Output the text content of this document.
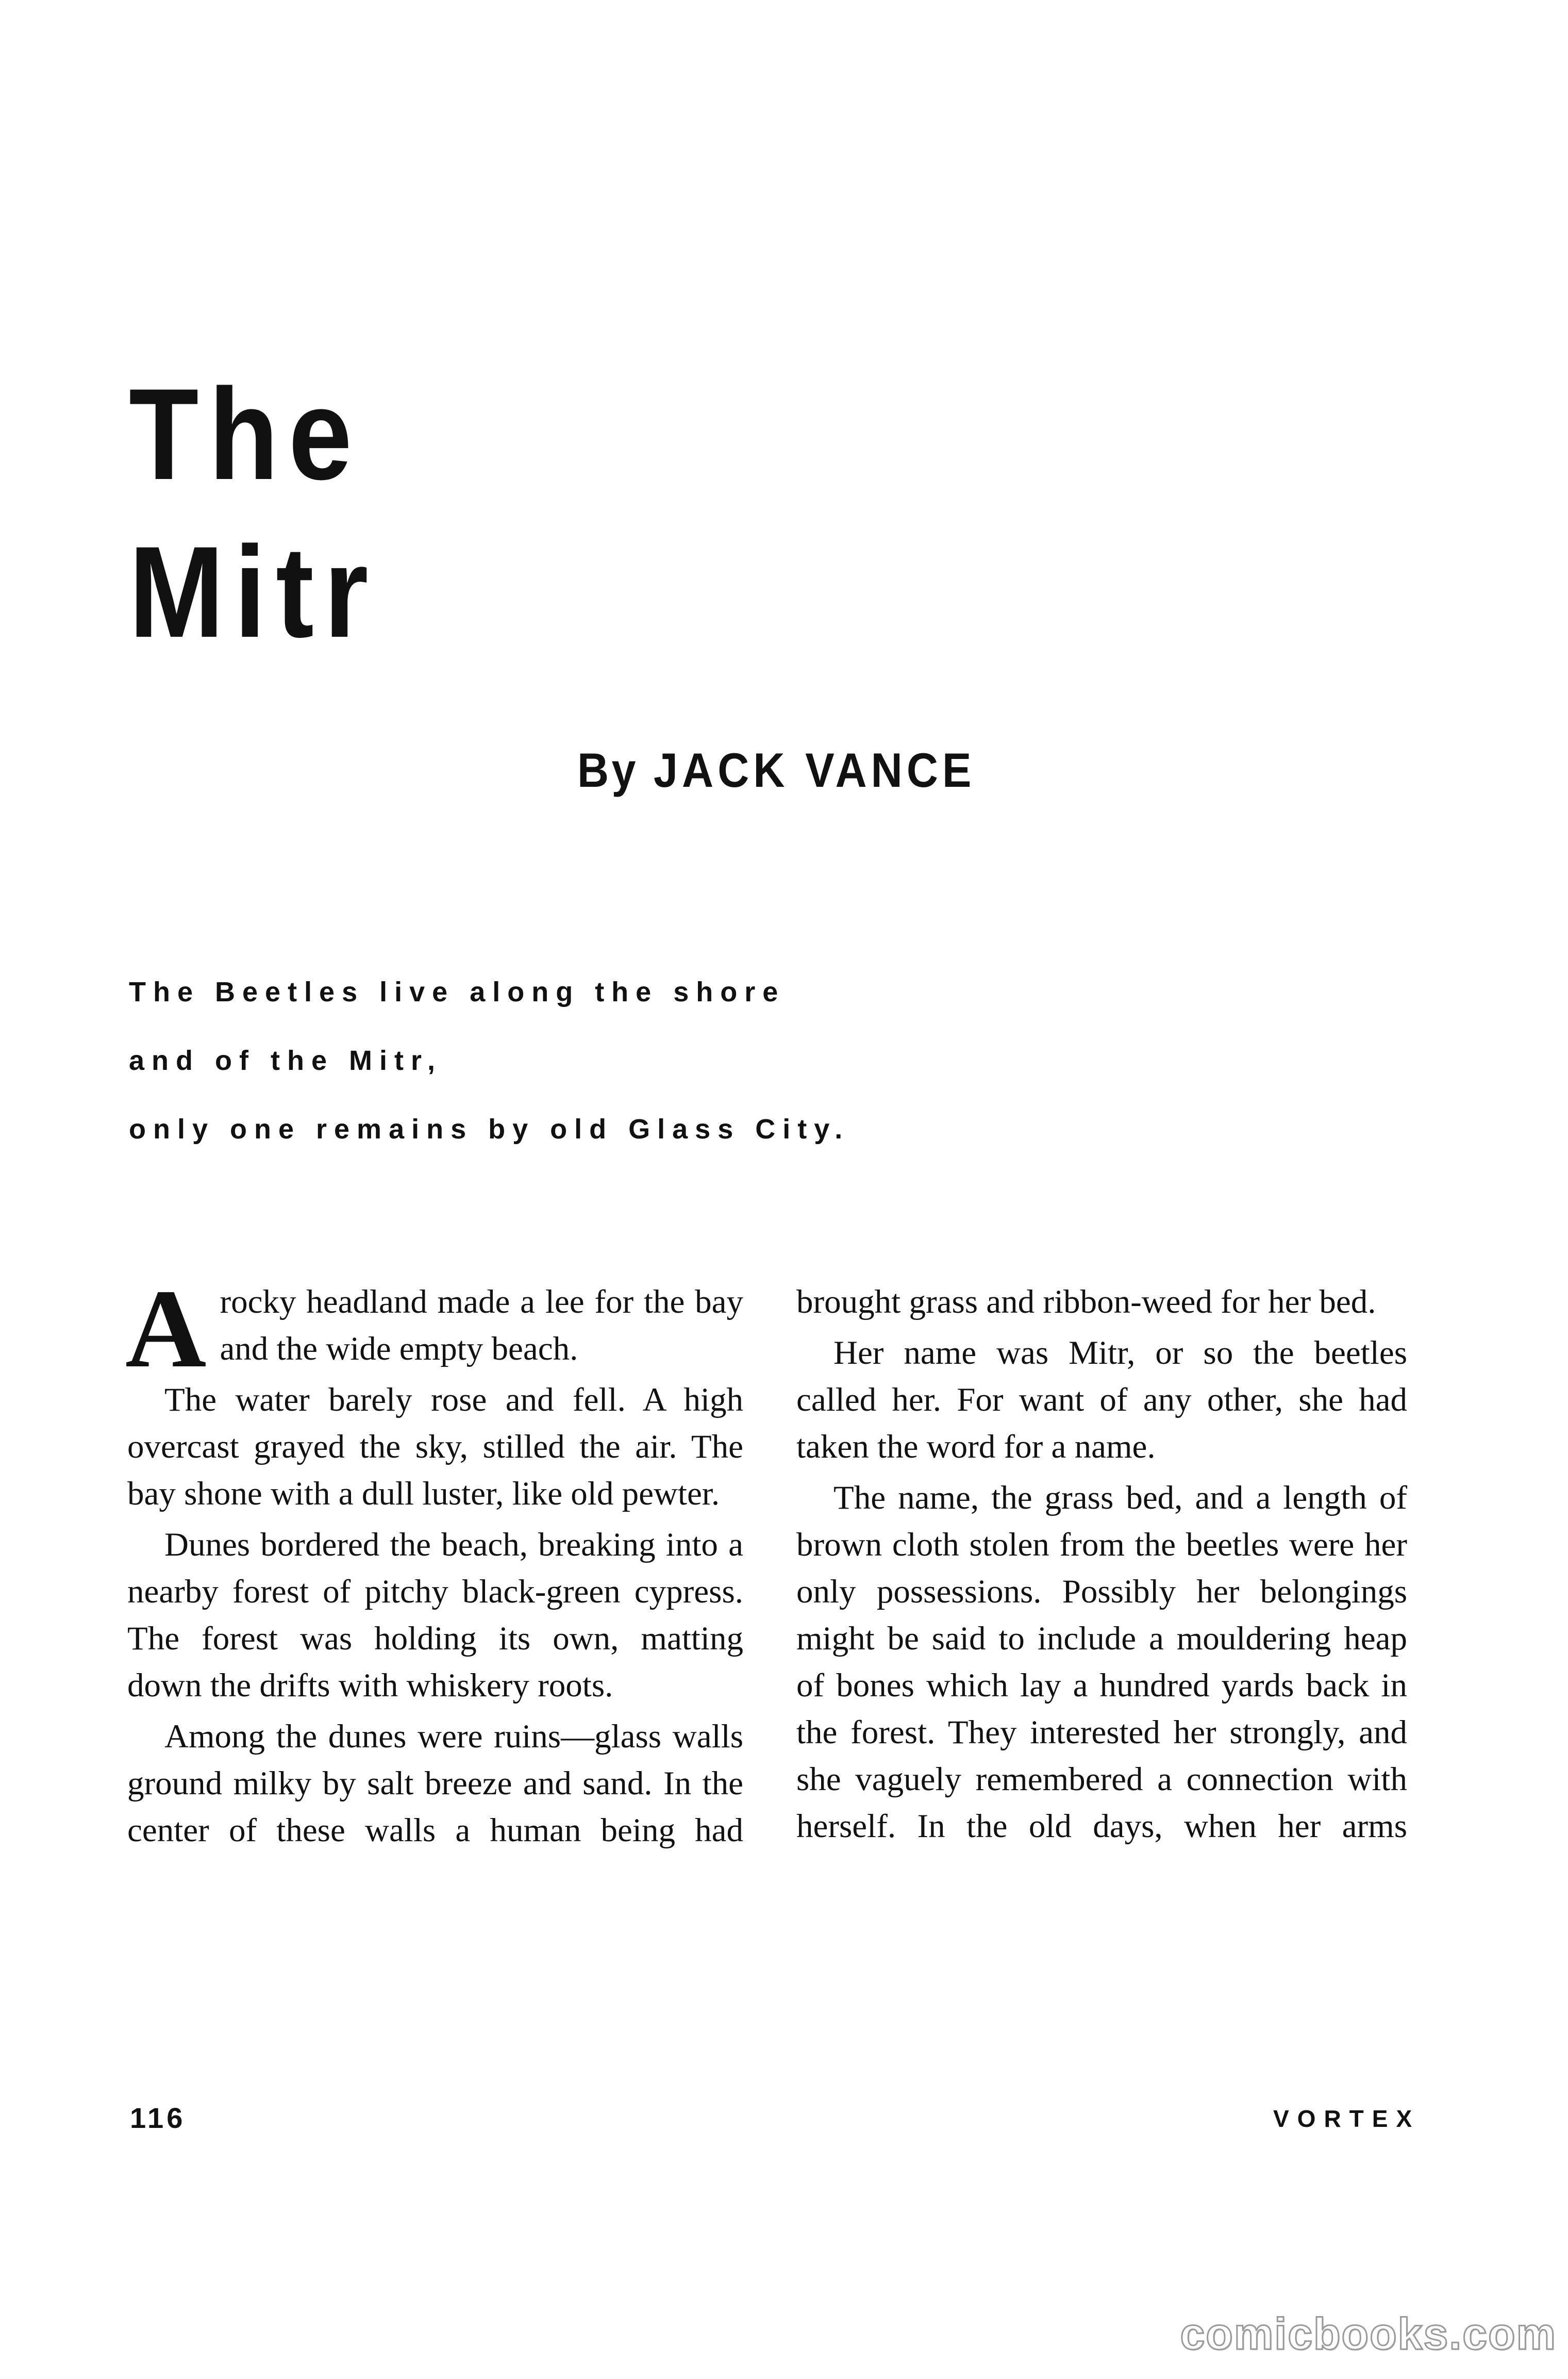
The
Mitr
By JACK VANCE
The Beetles live along the shore
and of the Mitr,
only one remains by old Glass City.

Arocky headland made a lee for the bay and the wide empty beach.

The water barely rose and fell. A high overcast grayed the sky, stilled the air. The bay shone with a dull luster, like old pewter.

Dunes bordered the beach, breaking into a nearby forest of pitchy black-green cypress. The forest was holding its own, matting down the drifts with whiskery roots.

Among the dunes were ruins—glass walls ground milky by salt breeze and sand. In the center of these walls a human being had

brought grass and ribbon-weed for her bed.

Her name was Mitr, or so the beetles called her. For want of any other, she had taken the word for a name.

The name, the grass bed, and a length of brown cloth stolen from the beetles were her only possessions. Possibly her belongings might be said to include a mouldering heap of bones which lay a hundred yards back in the forest. They interested her strongly, and she vaguely remembered a connection with herself. In the old days, when her arms

116	VORTEX
comicbooks.com
